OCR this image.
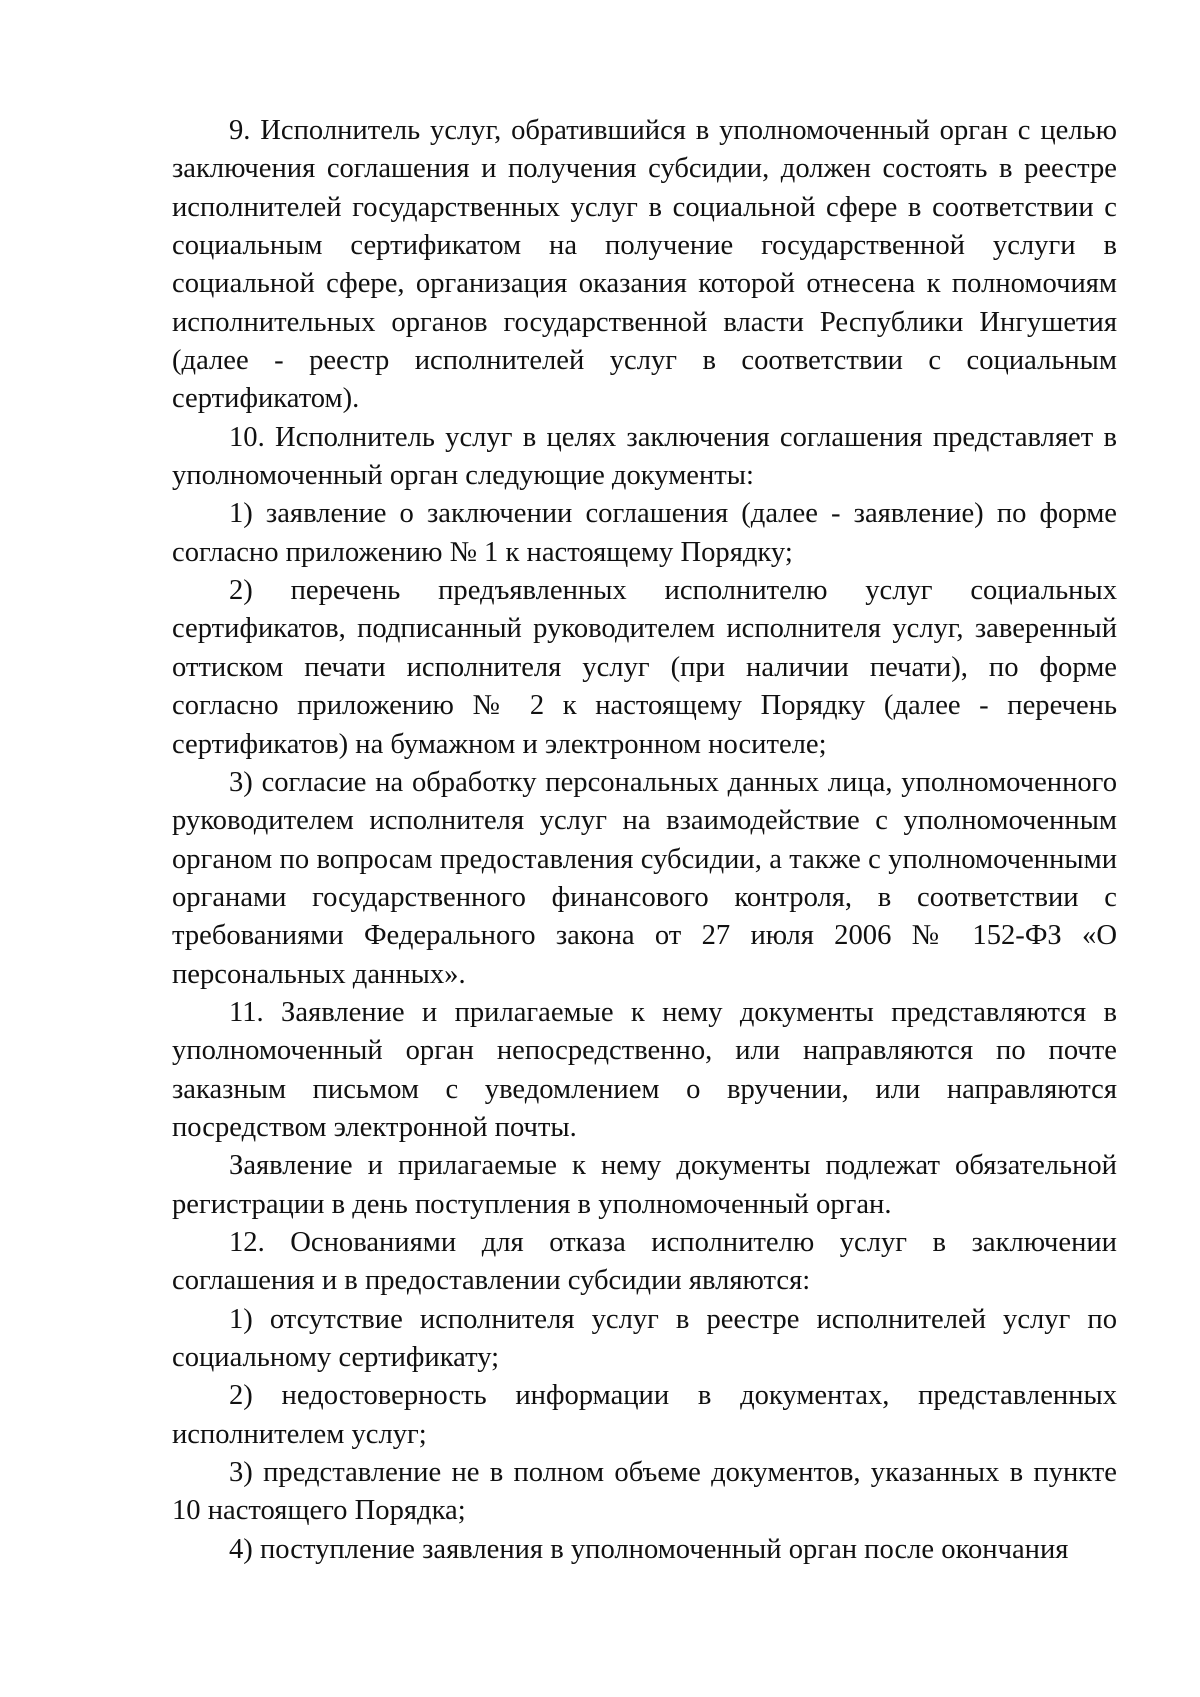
9. Исполнитель услуг, обратившийся в уполномоченный орган с целью заключения соглашения и получения субсидии, должен состоять в реестре исполнителей государственных услуг в социальной сфере в соответствии с социальным сертификатом на получение государственной услуги в социальной сфере, организация оказания которой отнесена к полномочиям исполнительных органов государственной власти Республики Ингушетия (далее - реестр исполнителей услуг в соответствии с социальным сертификатом).

10. Исполнитель услуг в целях заключения соглашения представляет в уполномоченный орган следующие документы:

1) заявление о заключении соглашения (далее - заявление) по форме согласно приложению № 1 к настоящему Порядку;

2) перечень предъявленных исполнителю услуг социальных сертификатов, подписанный руководителем исполнителя услуг, заверенный оттиском печати исполнителя услуг (при наличии печати), по форме согласно приложению № 2 к настоящему Порядку (далее - перечень сертификатов) на бумажном и электронном носителе;

3) согласие на обработку персональных данных лица, уполномоченного руководителем исполнителя услуг на взаимодействие с уполномоченным органом по вопросам предоставления субсидии, а также с уполномоченными органами государственного финансового контроля, в соответствии с требованиями Федерального закона от 27 июля 2006 № 152-ФЗ «О персональных данных».

11. Заявление и прилагаемые к нему документы представляются в уполномоченный орган непосредственно, или направляются по почте заказным письмом с уведомлением о вручении, или направляются посредством электронной почты.

Заявление и прилагаемые к нему документы подлежат обязательной регистрации в день поступления в уполномоченный орган.

12. Основаниями для отказа исполнителю услуг в заключении соглашения и в предоставлении субсидии являются:

1) отсутствие исполнителя услуг в реестре исполнителей услуг по социальному сертификату;

2) недостоверность информации в документах, представленных исполнителем услуг;

3) представление не в полном объеме документов, указанных в пункте 10 настоящего Порядка;

4) поступление заявления в уполномоченный орган после окончания
